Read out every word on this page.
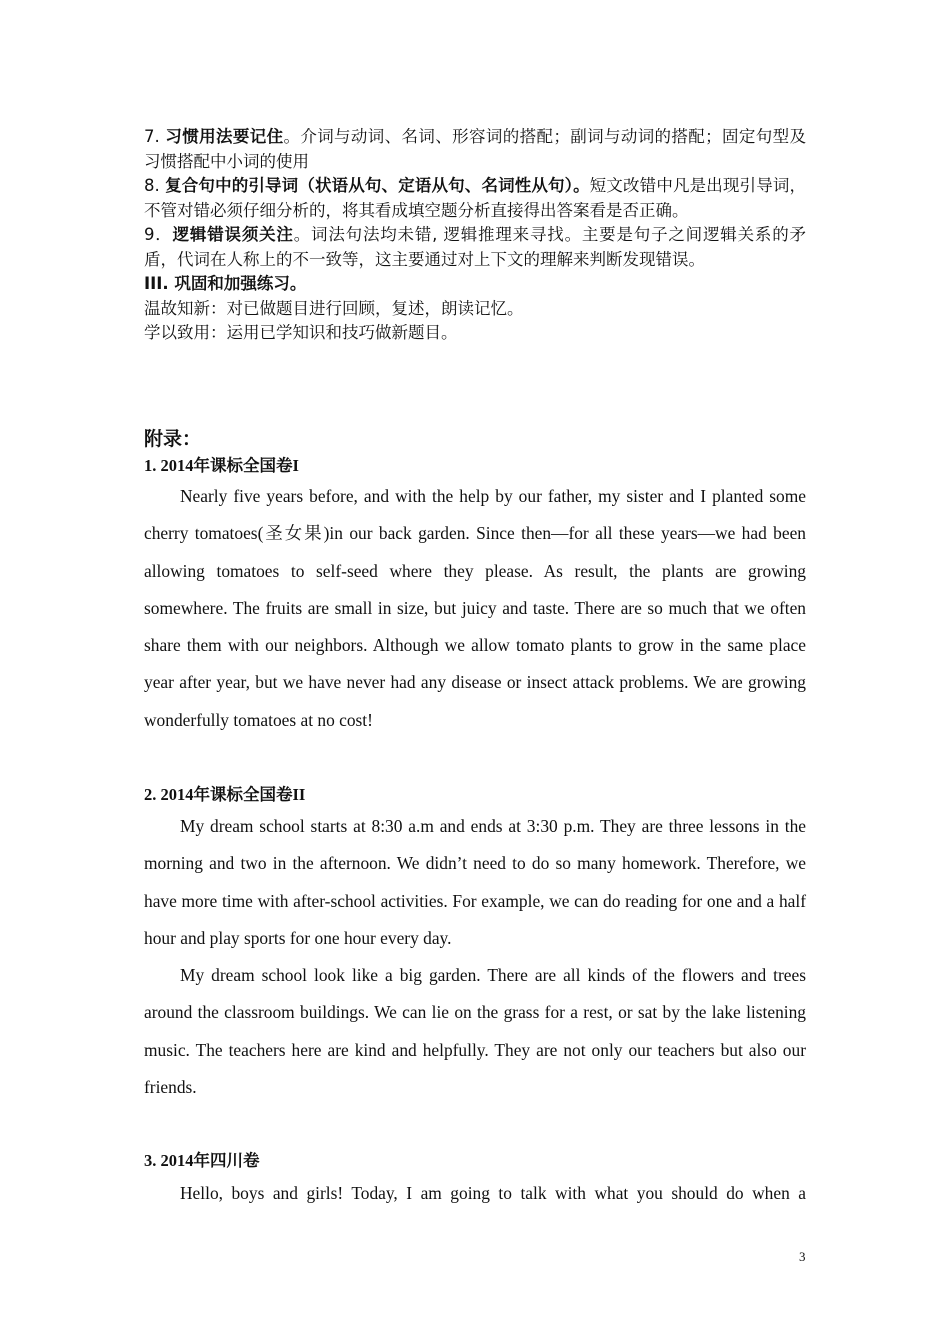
7. 习惯用法要记住。介词与动词、名词、形容词的搭配；副词与动词的搭配；固定句型及习惯搭配中小词的使用

8. 复合句中的引导词（状语从句、定语从句、名词性从句）。短文改错中凡是出现引导词，不管对错必须仔细分析的，将其看成填空题分析直接得出答案看是否正确。

9．逻辑错误须关注。词法句法均未错, 逻辑推理来寻找。主要是句子之间逻辑关系的矛盾，代词在人称上的不一致等，这主要通过对上下文的理解来判断发现错误。

III. 巩固和加强练习。

温故知新：对已做题目进行回顾，复述，朗读记忆。

学以致用：运用已学知识和技巧做新题目。

附录：
1. 2014年课标全国卷I

Nearly five years before, and with the help by our father, my sister and I planted some cherry tomatoes(圣女果)in our back garden. Since then—for all these years—we had been allowing tomatoes to self-seed where they please. As result, the plants are growing somewhere. The fruits are small in size, but juicy and taste. There are so much that we often share them with our neighbors. Although we allow tomato plants to grow in the same place year after year, but we have never had any disease or insect attack problems. We are growing wonderfully tomatoes at no cost!

2. 2014年课标全国卷II

My dream school starts at 8:30 a.m and ends at 3:30 p.m. They are three lessons in the morning and two in the afternoon. We didn’t need to do so many homework. Therefore, we have more time with after-school activities. For example, we can do reading for one and a half hour and play sports for one hour every day.

My dream school look like a big garden. There are all kinds of the flowers and trees around the classroom buildings. We can lie on the grass for a rest, or sat by the lake listening music. The teachers here are kind and helpfully. They are not only our teachers but also our friends.

3. 2014年四川卷

Hello, boys and girls! Today, I am going to talk with what you should do when a

3
